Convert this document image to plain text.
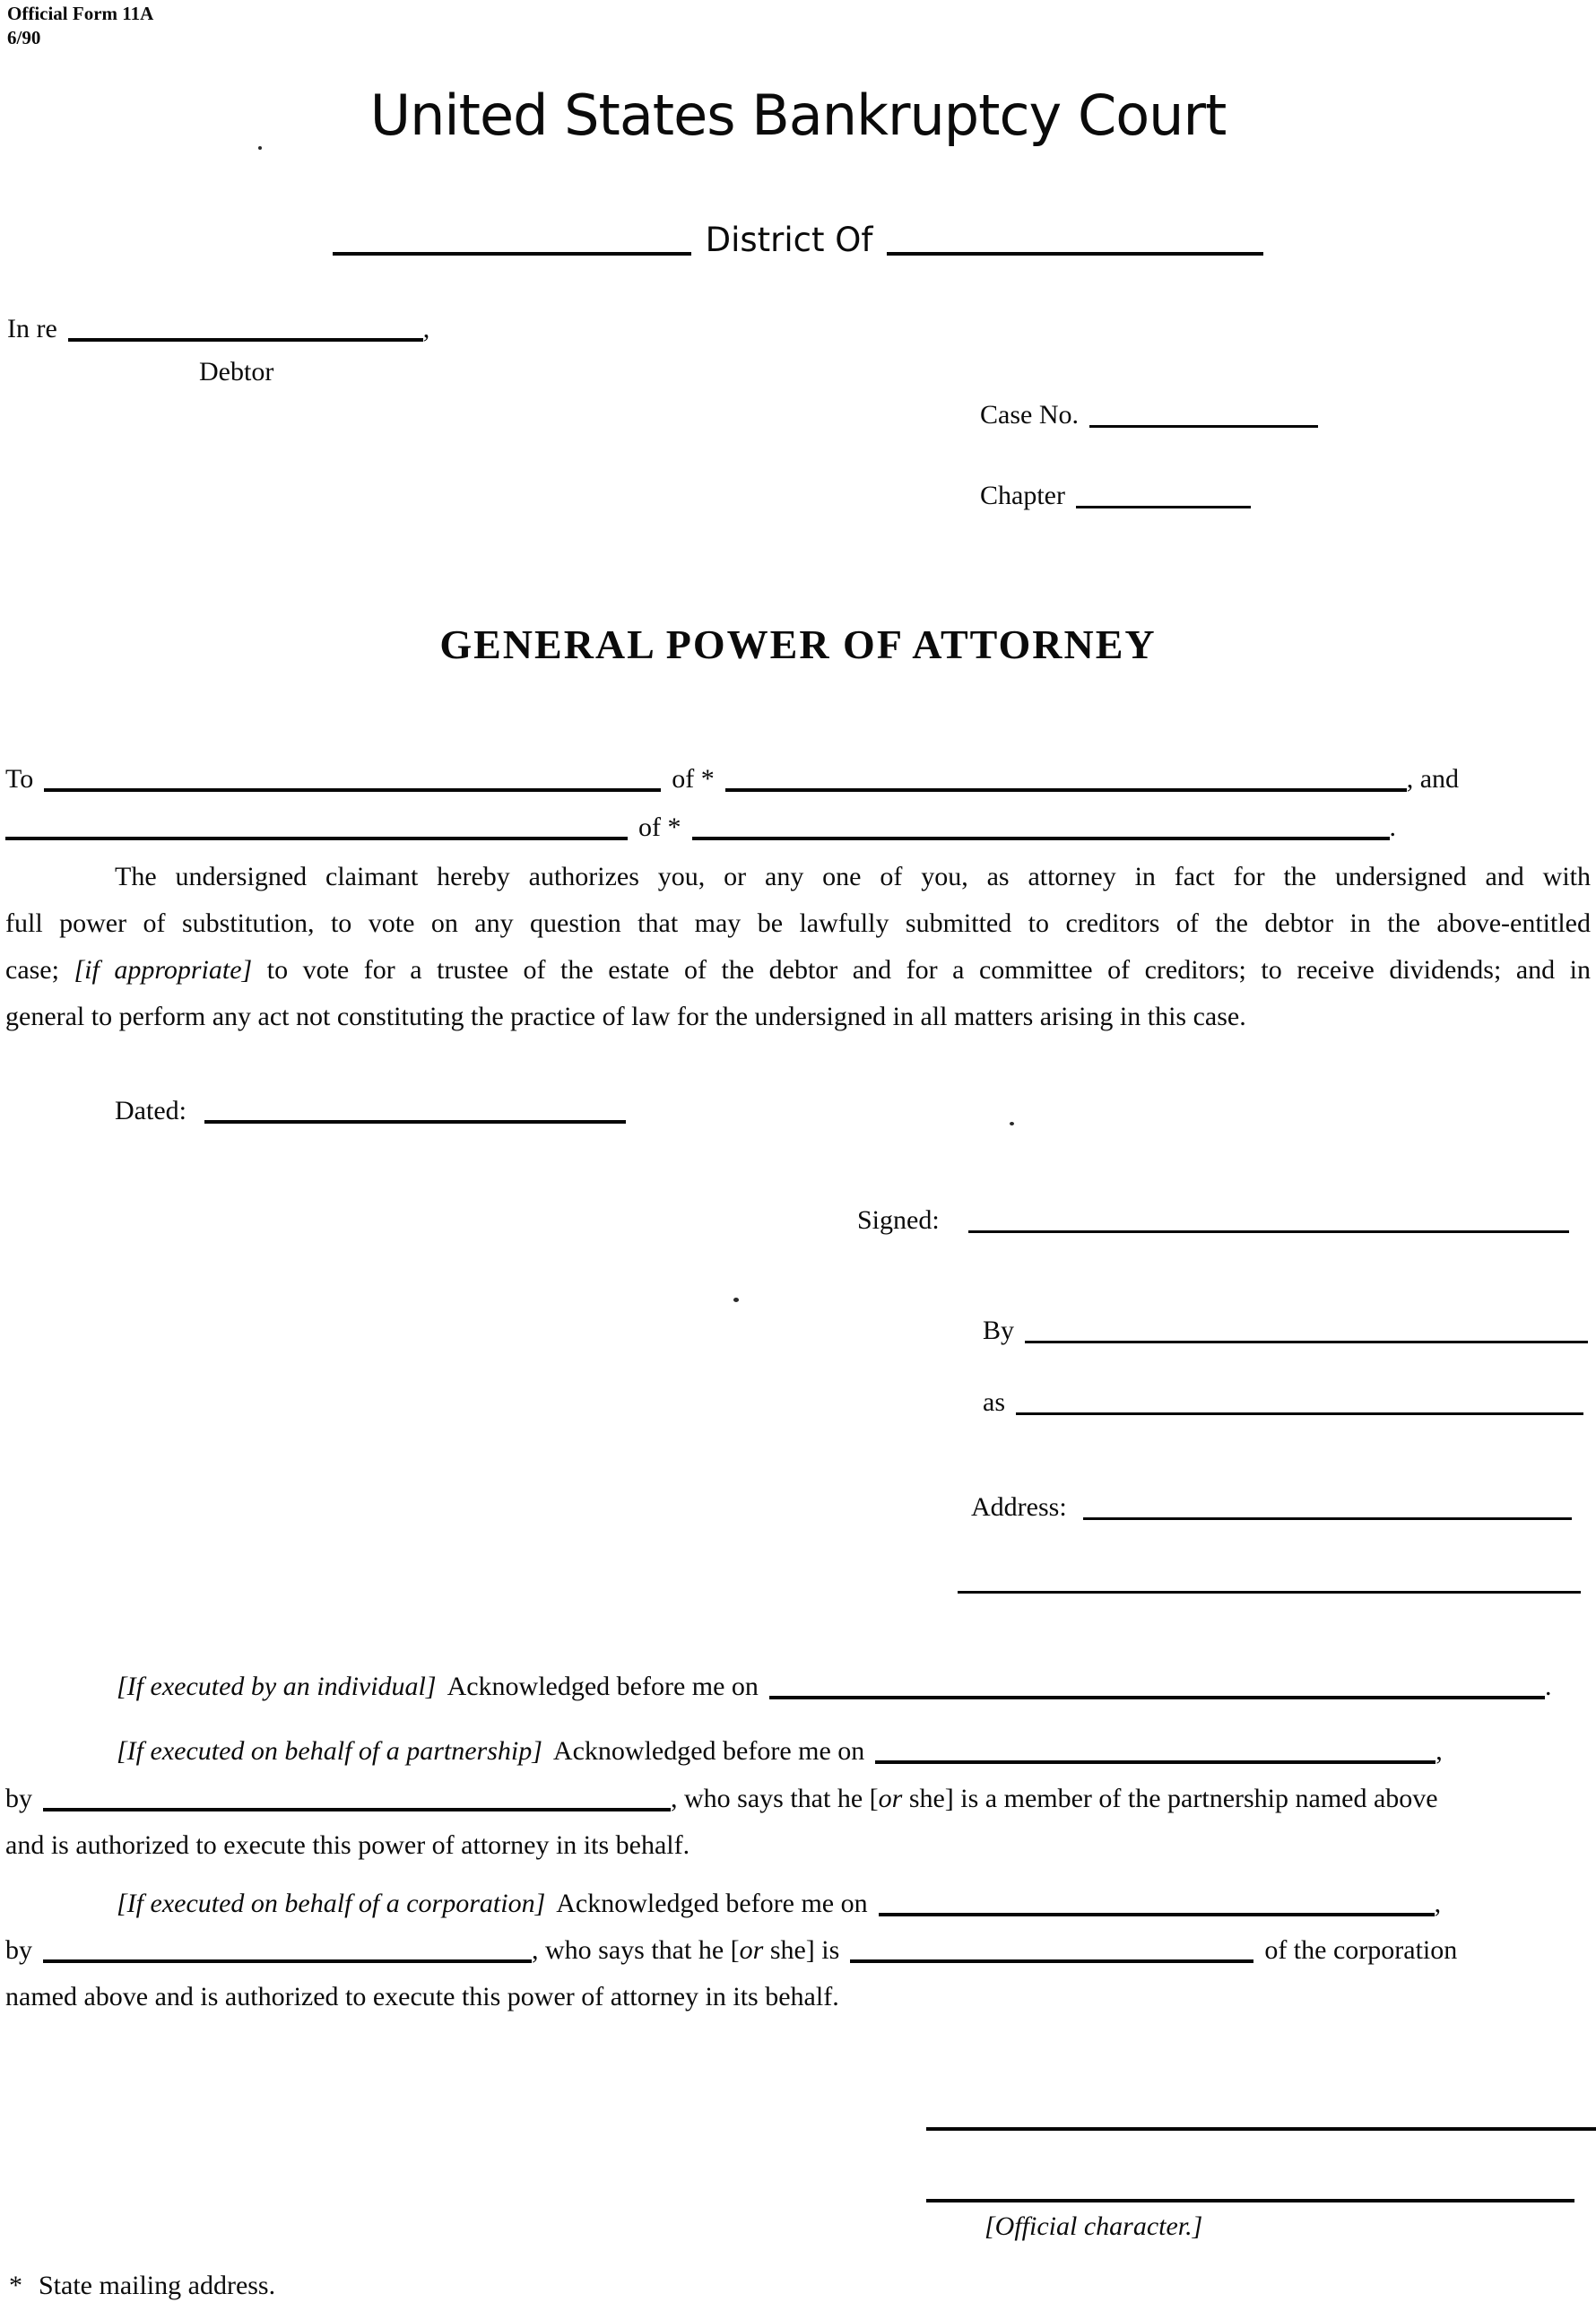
Official Form 11A
6/90
United States Bankruptcy Court
District Of
In re	,
Debtor
Case No.
Chapter
GENERAL POWER OF ATTORNEY
To	of *	, and
of *	.
The undersigned claimant hereby authorizes you, or any one of you, as attorney in fact for the undersigned and with
full power of substitution, to vote on any question that may be lawfully submitted to creditors of the debtor in the above-entitled
case; [if appropriate] to vote for a trustee of the estate of the debtor and for a committee of creditors; to receive dividends; and in
general to perform any act not constituting the practice of law for the undersigned in all matters arising in this case.
Dated:
Signed:
By
as
Address:
[If executed by an individual] Acknowledged before me on	.
[If executed on behalf of a partnership] Acknowledged before me on	,
by	, who says that he [or she] is a member of the partnership named above
and is authorized to execute this power of attorney in its behalf.
[If executed on behalf of a corporation] Acknowledged before me on	,
by	, who says that he [or she] is	of the corporation
named above and is authorized to execute this power of attorney in its behalf.
[Official character.]
* State mailing address.
